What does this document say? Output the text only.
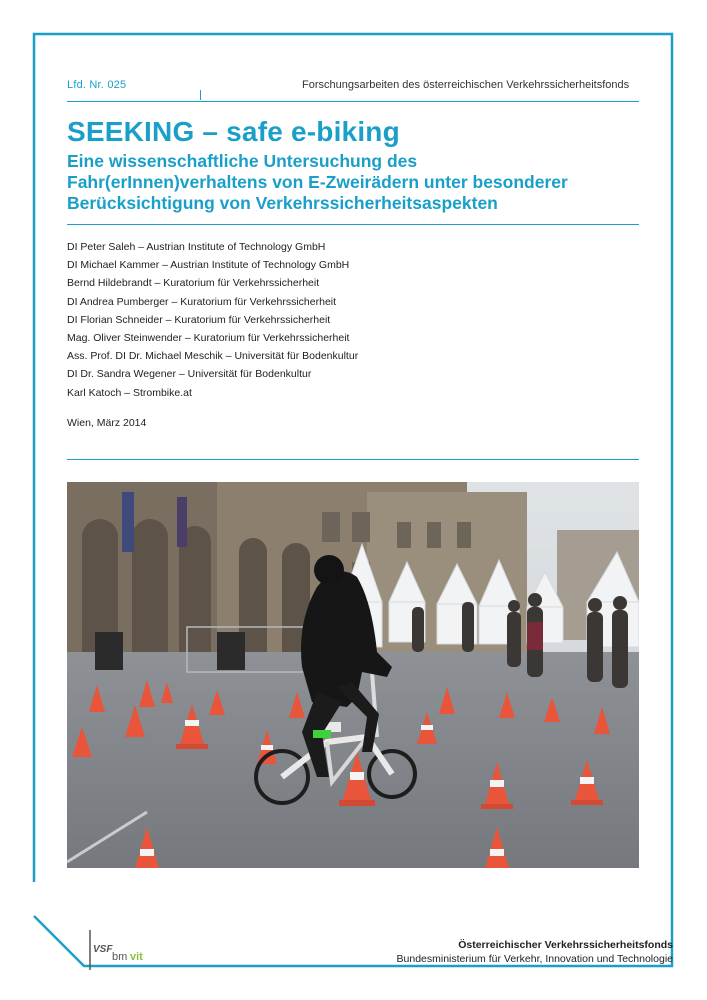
Lfd. Nr. 025	Forschungsarbeiten des österreichischen Verkehrssicherheitsfonds
SEEKING – safe e-biking
Eine wissenschaftliche Untersuchung des
Fahr(erInnen)verhaltens von E-Zweirädern unter besonderer
Berücksichtigung von Verkehrssicherheitsaspekten
DI Peter Saleh – Austrian Institute of Technology GmbH
DI Michael Kammer – Austrian Institute of Technology GmbH
Bernd Hildebrandt – Kuratorium für Verkehrssicherheit
DI Andrea Pumberger – Kuratorium für Verkehrssicherheit
DI Florian Schneider – Kuratorium für Verkehrssicherheit
Mag. Oliver Steinwender – Kuratorium für Verkehrssicherheit
Ass. Prof. DI Dr. Michael Meschik – Universität für Bodenkultur
DI Dr. Sandra Wegener – Universität für Bodenkultur
Karl Katoch – Strombike.at
Wien, März 2014
VSF
bm vit
Österreichischer Verkehrssicherheitsfonds
Bundesministerium für Verkehr, Innovation und Technologie
